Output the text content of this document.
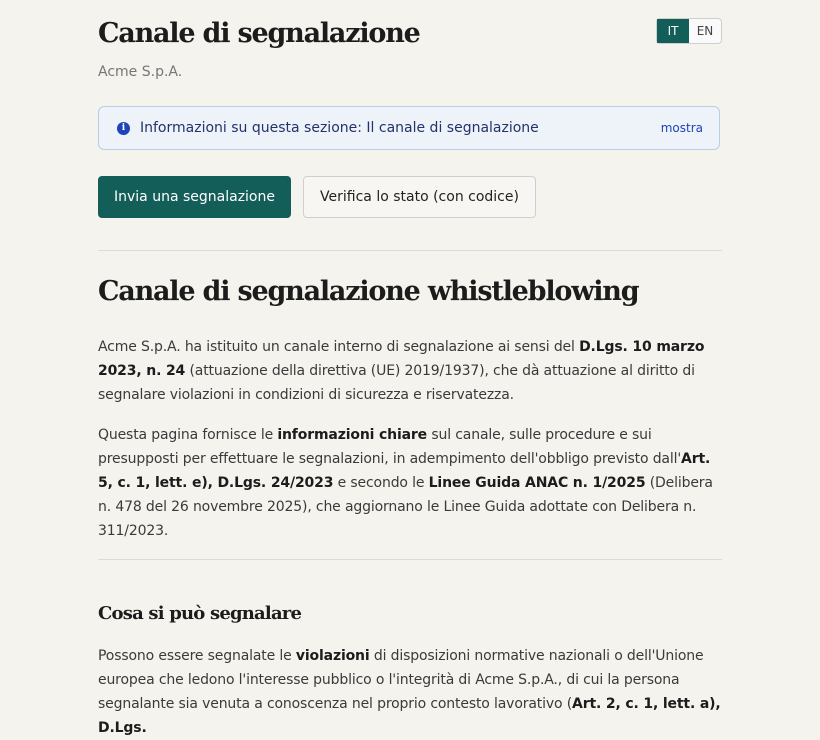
Canale di segnalazione
Acme S.p.A.
IT	EN
i	Informazioni su questa sezione: Il canale di segnalazione	mostra
Invia una segnalazione	Verifica lo stato (con codice)
Canale di segnalazione whistleblowing

Acme S.p.A. ha istituito un canale interno di segnalazione ai sensi del D.Lgs. 10 marzo 2023, n. 24 (attuazione della direttiva (UE) 2019/1937), che dà attuazione al diritto di segnalare violazioni in condizioni di sicurezza e riservatezza.

Questa pagina fornisce le informazioni chiare sul canale, sulle procedure e sui presupposti per effettuare le segnalazioni, in adempimento dell'obbligo previsto dall'Art. 5, c. 1, lett. e), D.Lgs. 24/2023 e secondo le Linee Guida ANAC n. 1/2025 (Delibera n. 478 del 26 novembre 2025), che aggiornano le Linee Guida adottate con Delibera n. 311/2023.

Cosa si può segnalare

Possono essere segnalate le violazioni di disposizioni normative nazionali o dell'Unione europea che ledono l'interesse pubblico o l'integrità di Acme S.p.A., di cui la persona segnalante sia venuta a conoscenza nel proprio contesto lavorativo (Art. 2, c. 1, lett. a), D.Lgs.
